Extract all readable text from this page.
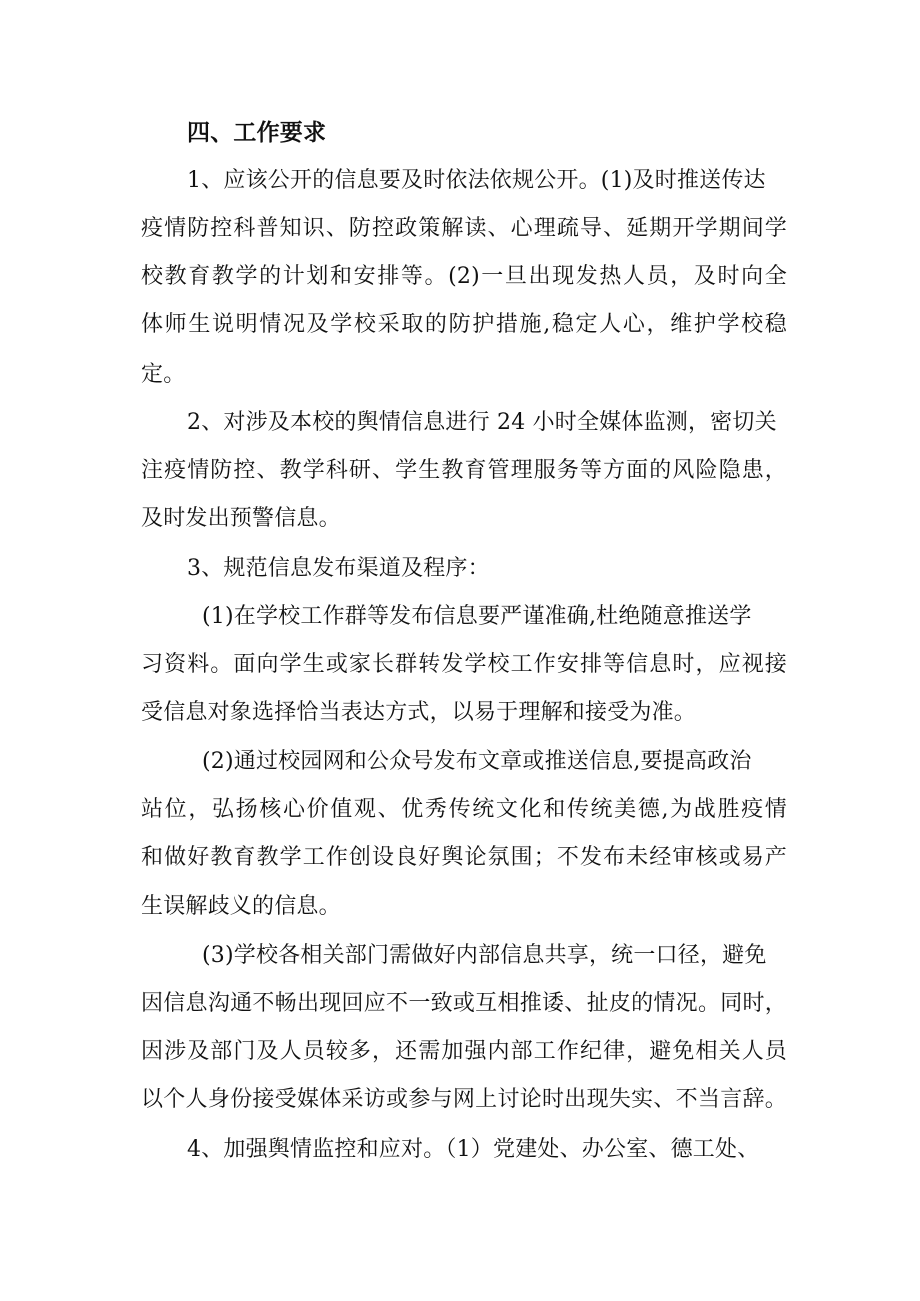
四、工作要求
1、应该公开的信息要及时依法依规公开。(1)及时推送传达
疫情防控科普知识、防控政策解读、心理疏导、延期开学期间学
校教育教学的计划和安排等。(2)一旦出现发热人员，及时向全
体师生说明情况及学校采取的防护措施,稳定人心，维护学校稳
定。
2、对涉及本校的舆情信息进行 24 小时全媒体监测，密切关
注疫情防控、教学科研、学生教育管理服务等方面的风险隐患，
及时发出预警信息。
3、规范信息发布渠道及程序：
(1)在学校工作群等发布信息要严谨准确,杜绝随意推送学
习资料。面向学生或家长群转发学校工作安排等信息时，应视接
受信息对象选择恰当表达方式，以易于理解和接受为准。
(2)通过校园网和公众号发布文章或推送信息,要提高政治
站位，弘扬核心价值观、优秀传统文化和传统美德,为战胜疫情
和做好教育教学工作创设良好舆论氛围；不发布未经审核或易产
生误解歧义的信息。
(3)学校各相关部门需做好内部信息共享，统一口径，避免
因信息沟通不畅出现回应不一致或互相推诿、扯皮的情况。同时，
因涉及部门及人员较多，还需加强内部工作纪律，避免相关人员
以个人身份接受媒体采访或参与网上讨论时出现失实、不当言辞。
4、加强舆情监控和应对。（1）党建处、办公室、德工处、
